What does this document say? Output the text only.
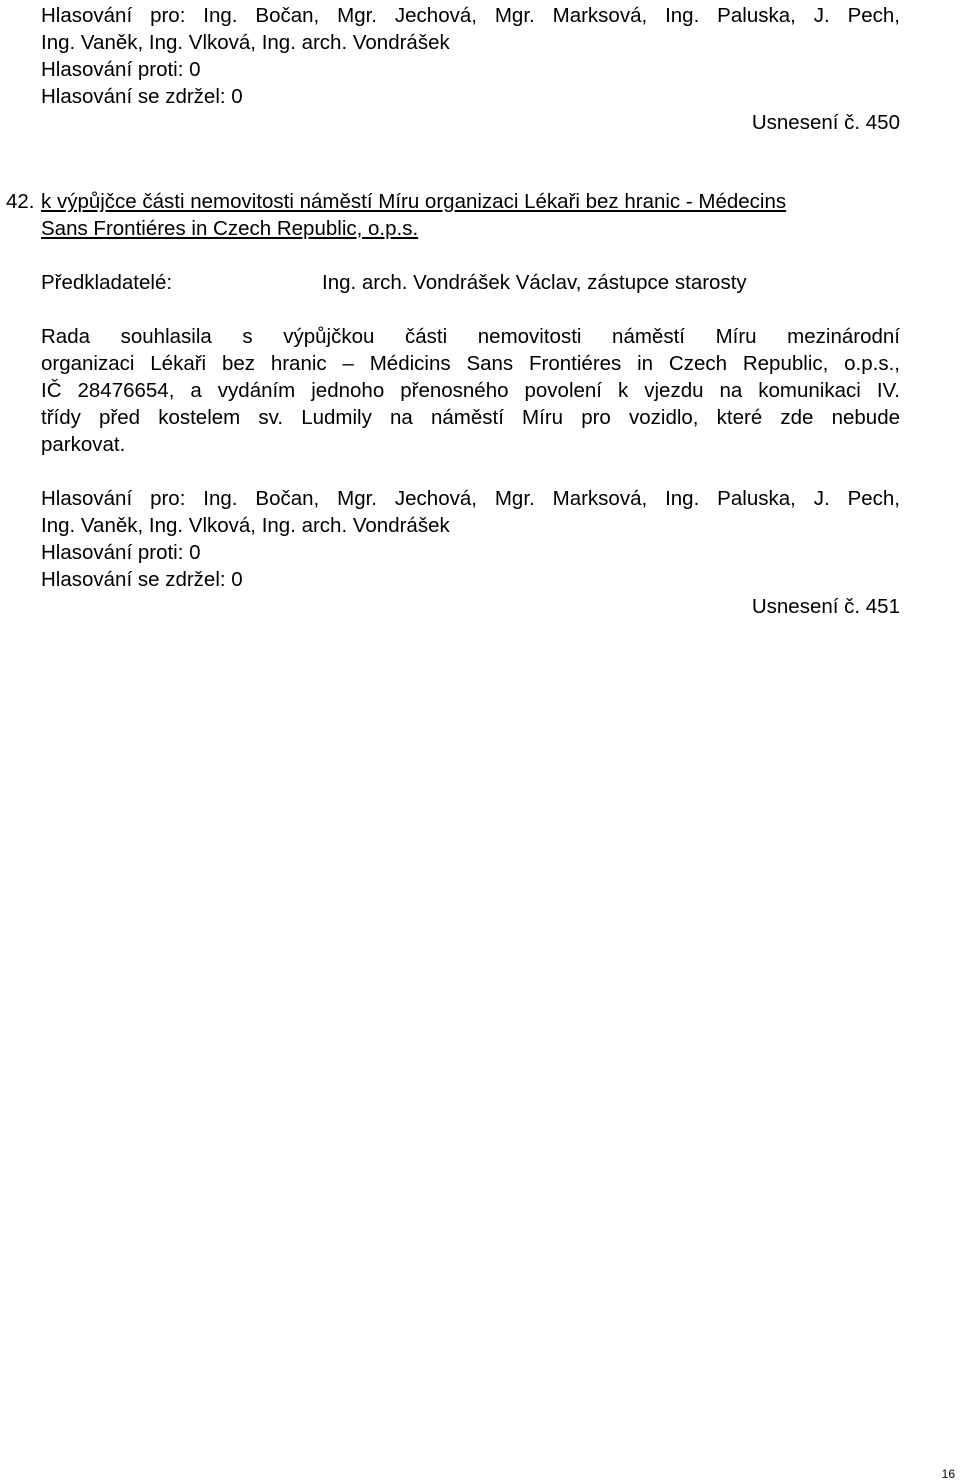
Hlasování pro: Ing. Bočan, Mgr. Jechová, Mgr. Marksová, Ing. Paluska, J. Pech,
Ing. Vaněk, Ing. Vlková, Ing. arch. Vondrášek
Hlasování proti: 0
Hlasování se zdržel: 0
Usnesení č. 450
42. k výpůjčce části nemovitosti náměstí Míru organizaci Lékaři bez hranic - Médecins
Sans Frontiéres in Czech Republic, o.p.s.
Předkladatelé:	Ing. arch. Vondrášek Václav, zástupce starosty
Rada souhlasila s výpůjčkou části nemovitosti náměstí Míru mezinárodní
organizaci Lékaři bez hranic – Médicins Sans Frontiéres in Czech Republic, o.p.s.,
IČ 28476654, a vydáním jednoho přenosného povolení k vjezdu na komunikaci IV.
třídy před kostelem sv. Ludmily na náměstí Míru pro vozidlo, které zde nebude
parkovat.
Hlasování pro: Ing. Bočan, Mgr. Jechová, Mgr. Marksová, Ing. Paluska, J. Pech,
Ing. Vaněk, Ing. Vlková, Ing. arch. Vondrášek
Hlasování proti: 0
Hlasování se zdržel: 0
Usnesení č. 451
16
